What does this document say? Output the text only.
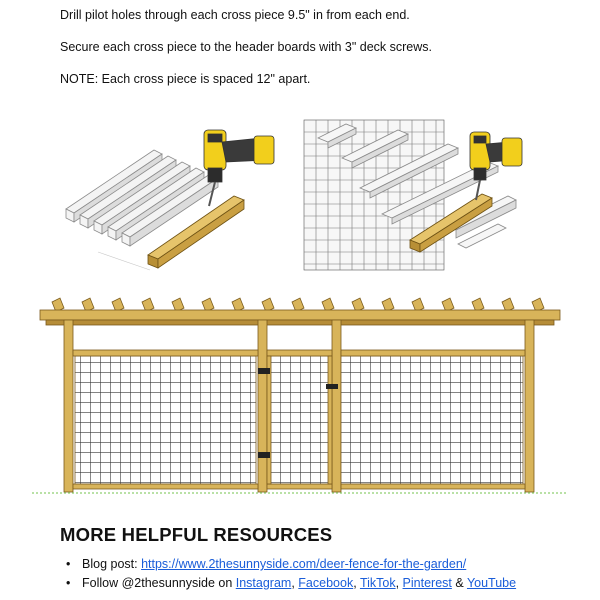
Drill pilot holes through each cross piece 9.5" in from each end.

Secure each cross piece to the header boards with 3" deck screws.

NOTE: Each cross piece is spaced 12" apart.

MORE HELPFUL RESOURCES
• Blog post: https://www.2thesunnyside.com/deer-fence-for-the-garden/
• Follow @2thesunnyside on Instagram, Facebook, TikTok, Pinterest & YouTube
